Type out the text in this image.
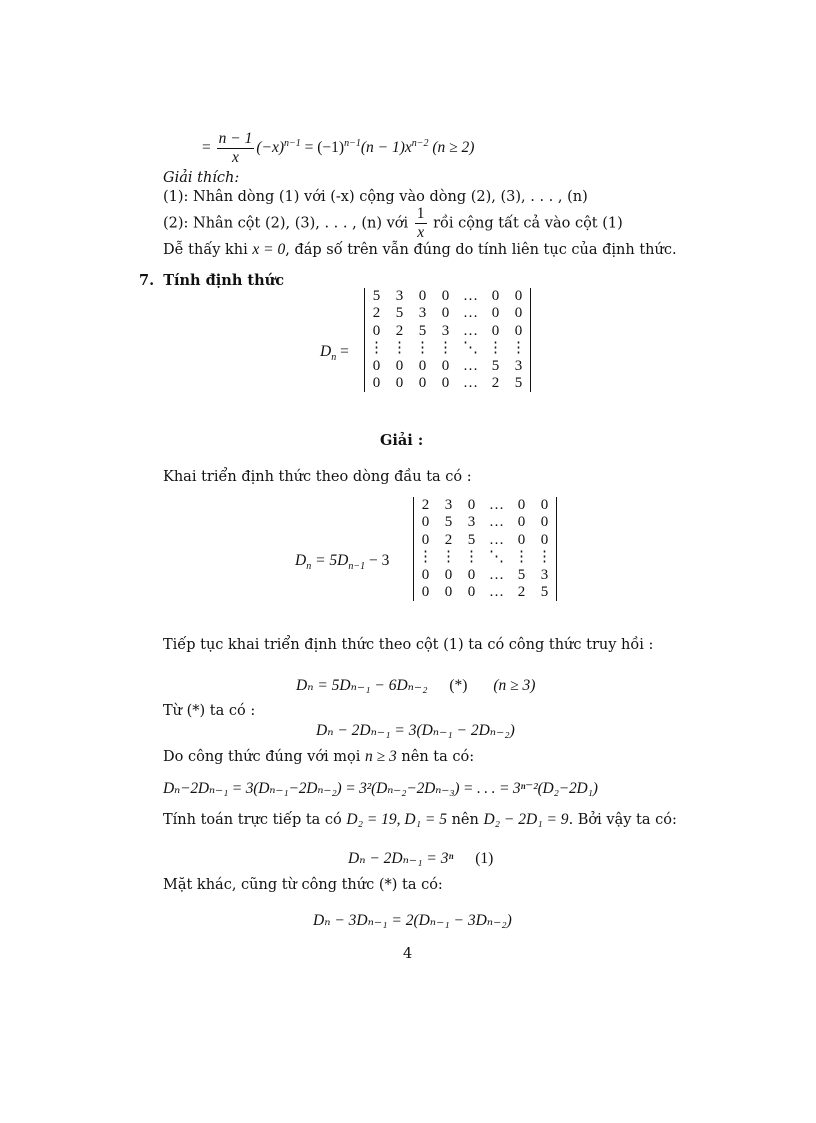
= $\frac{n - 1}{x} (-x)^{n-1} = (-1)^{n-1}(n - 1)x^{n-2}$ (n ≥ 2)
Giải thích:
(1): Nhân dòng (1) với (-x) cộng vào dòng (2), (3), . . . , (n)
(2): Nhân cột (2), (3), . . . , (n) với $\frac{1}{x}$ rồi cộng tất cả vào cột (1)
Dễ thấy khi x = 0, đáp số trên vẫn đúng do tính liên tục của định thức.
7. Tính định thức
$D_n$ =
5	3	0	0	…	0	0
2	5	3	0	…	0	0
0	2	5	3	…	0	0
⋮	⋮	⋮	⋮	⋱	⋮	⋮
0	0	0	0	…	5	3
0	0	0	0	…	2	5
Giải :
Khai triển định thức theo dòng đầu ta có :
$D_n = 5D_{n-1} - 3$
2	3	0	…	0	0
0	5	3	…	0	0
0	2	5	…	0	0
⋮	⋮	⋮	⋱	⋮	⋮
0	0	0	…	5	3
0	0	0	…	2	5
Tiếp tục khai triển định thức theo cột (1) ta có công thức truy hồi :
Dₙ = 5Dₙ₋₁ − 6Dₙ₋₂ (*) (n ≥ 3)
Từ (*) ta có :
Dₙ − 2Dₙ₋₁ = 3(Dₙ₋₁ − 2Dₙ₋₂)
Do công thức đúng với mọi n ≥ 3 nên ta có:
Dₙ−2Dₙ₋₁ = 3(Dₙ₋₁−2Dₙ₋₂) = 3²(Dₙ₋₂−2Dₙ₋₃) = . . . = 3ⁿ⁻²(D₂−2D₁)
Tính toán trực tiếp ta có D₂ = 19, D₁ = 5 nên D₂ − 2D₁ = 9. Bởi vậy ta có:
Dₙ − 2Dₙ₋₁ = 3ⁿ (1)
Mặt khác, cũng từ công thức (*) ta có:
Dₙ − 3Dₙ₋₁ = 2(Dₙ₋₁ − 3Dₙ₋₂)
4
